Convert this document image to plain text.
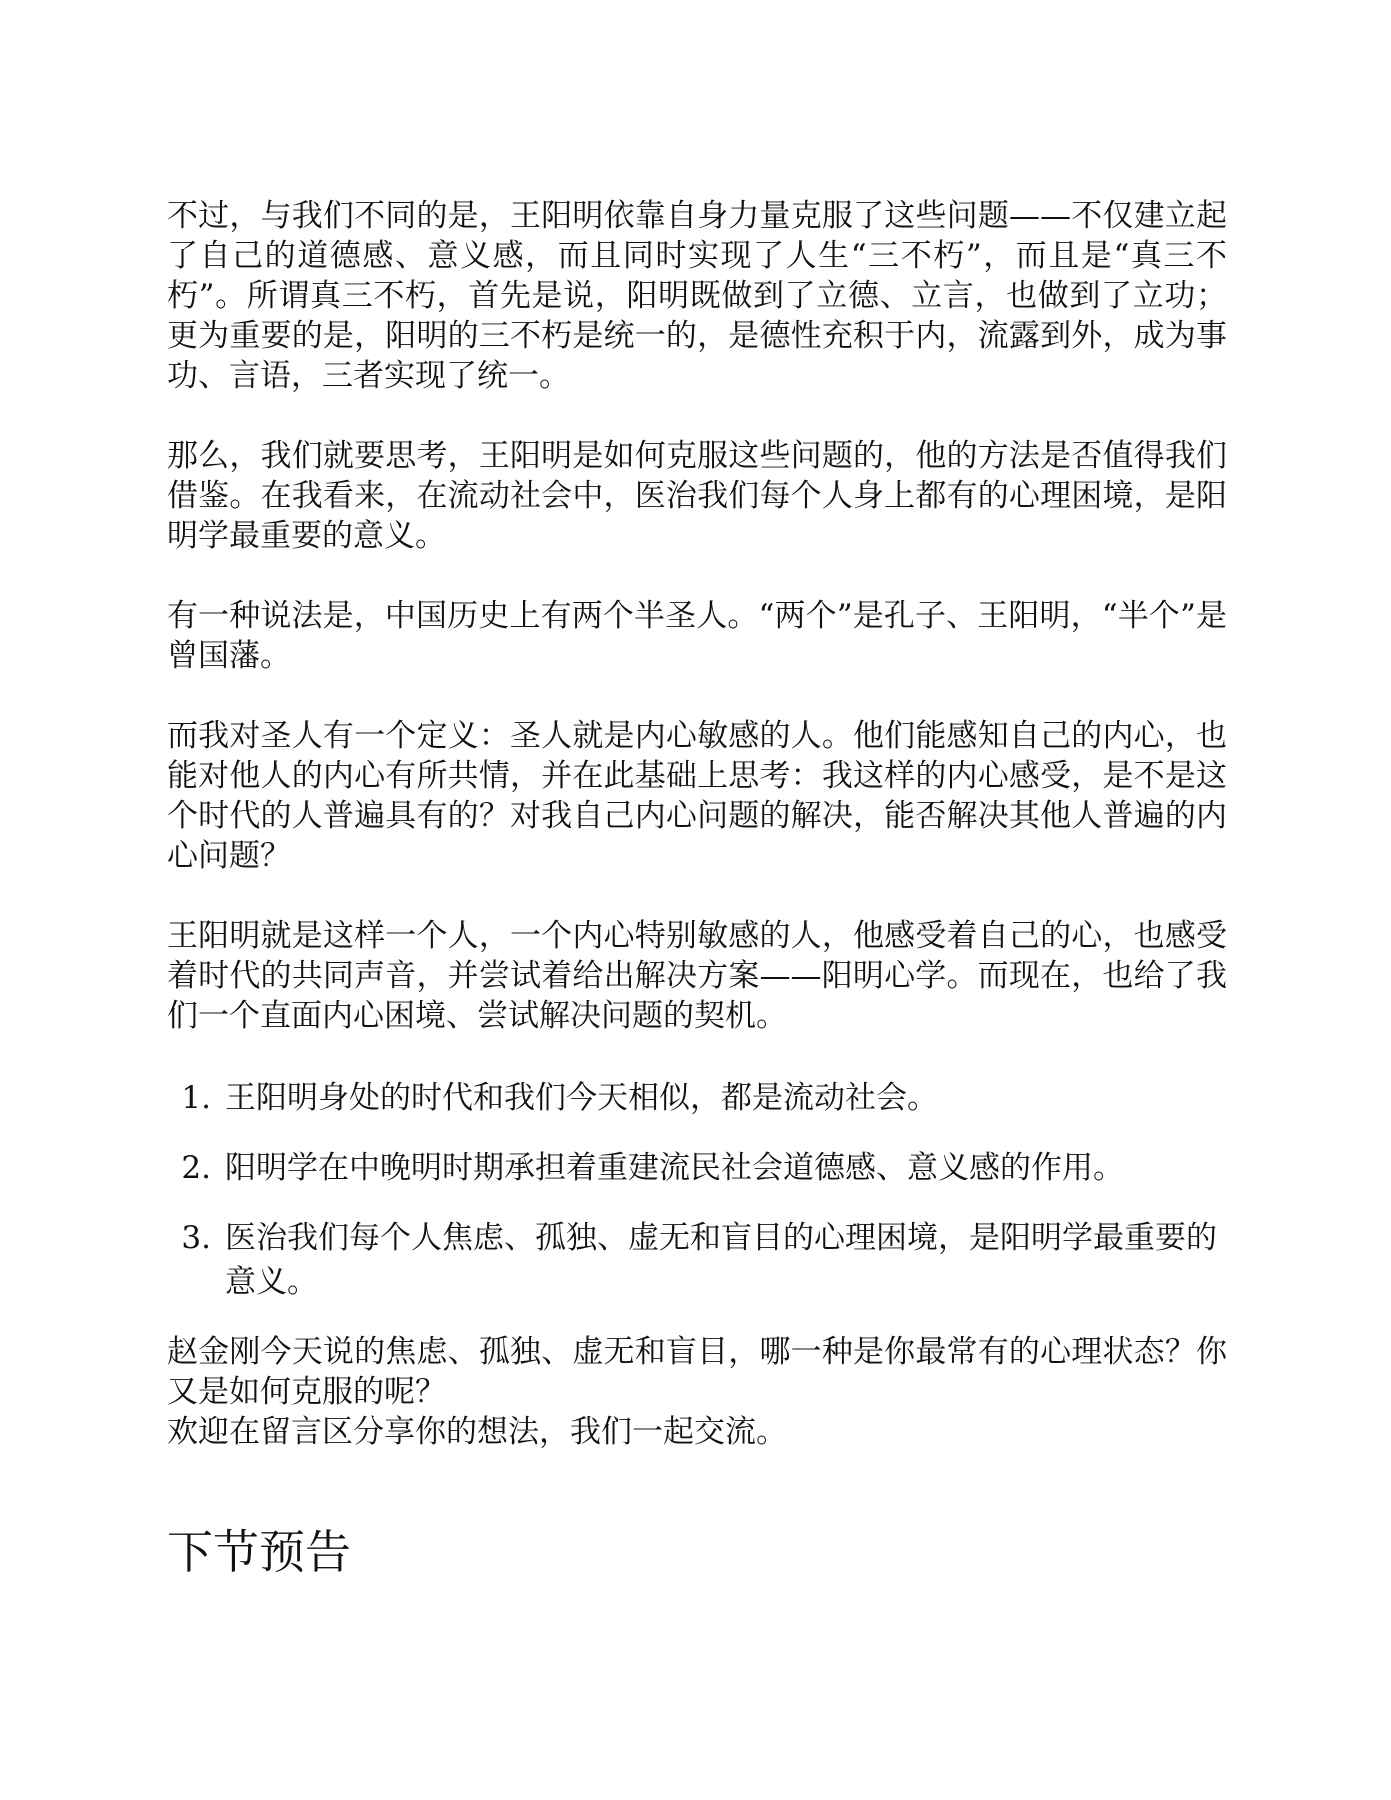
不过，与我们不同的是，王阳明依靠自身力量克服了这些问题——不仅建立起了自己的道德感、意义感，而且同时实现了人生“三不朽”，而且是“真三不朽”。所谓真三不朽，首先是说，阳明既做到了立德、立言，也做到了立功；更为重要的是，阳明的三不朽是统一的，是德性充积于内，流露到外，成为事功、言语，三者实现了统一。

那么，我们就要思考，王阳明是如何克服这些问题的，他的方法是否值得我们借鉴。在我看来，在流动社会中，医治我们每个人身上都有的心理困境，是阳明学最重要的意义。

有一种说法是，中国历史上有两个半圣人。“两个”是孔子、王阳明，“半个”是曾国藩。

而我对圣人有一个定义：圣人就是内心敏感的人。他们能感知自己的内心，也能对他人的内心有所共情，并在此基础上思考：我这样的内心感受，是不是这个时代的人普遍具有的？对我自己内心问题的解决，能否解决其他人普遍的内心问题？

王阳明就是这样一个人，一个内心特别敏感的人，他感受着自己的心，也感受着时代的共同声音，并尝试着给出解决方案——阳明心学。而现在，也给了我们一个直面内心困境、尝试解决问题的契机。

1. 王阳明身处的时代和我们今天相似，都是流动社会。
2. 阳明学在中晚明时期承担着重建流民社会道德感、意义感的作用。
3. 医治我们每个人焦虑、孤独、虚无和盲目的心理困境，是阳明学最重要的意义。

赵金刚今天说的焦虑、孤独、虚无和盲目，哪一种是你最常有的心理状态？你又是如何克服的呢？

欢迎在留言区分享你的想法，我们一起交流。

下节预告
